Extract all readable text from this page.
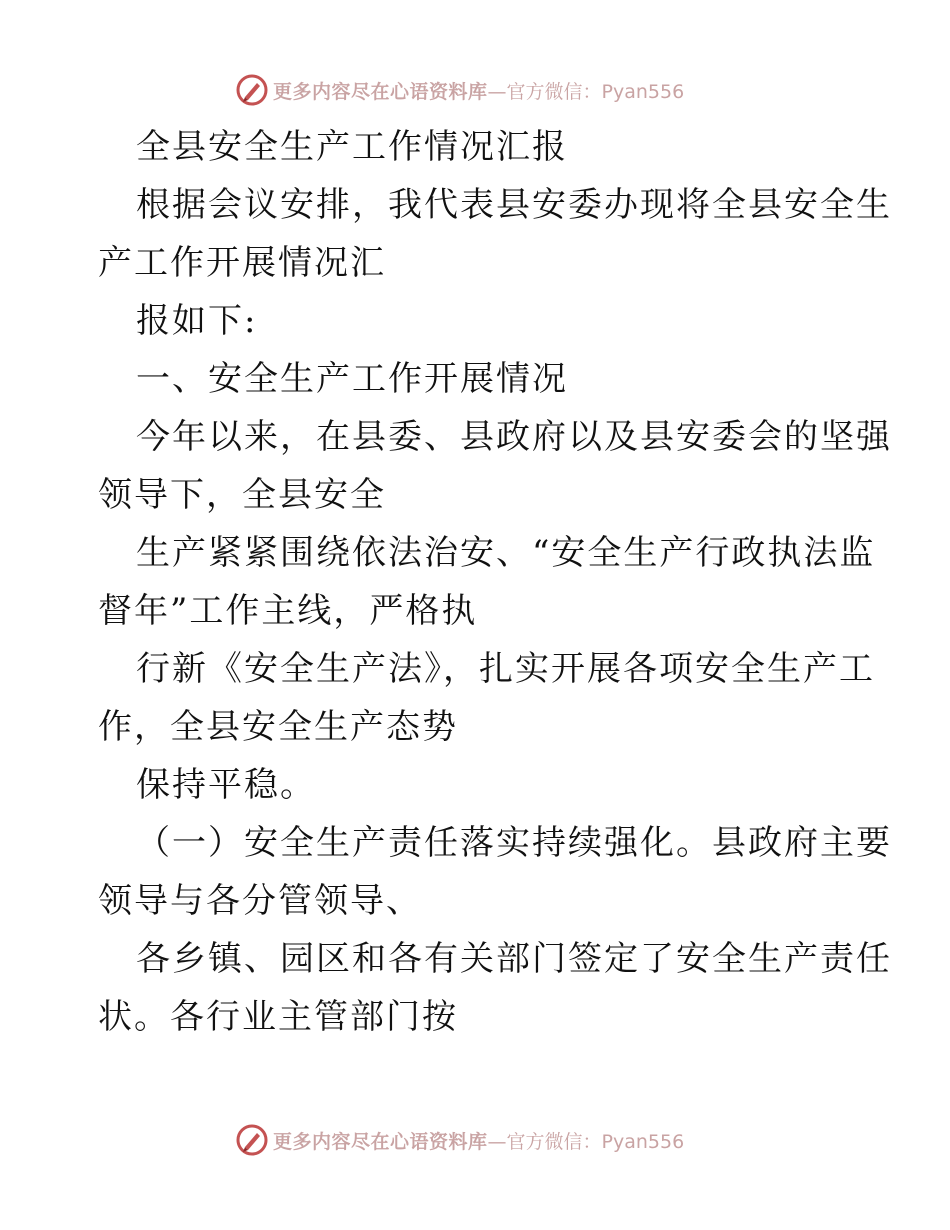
更多内容尽在心语资料库 —官方微信：Pyan556
全县安全生产工作情况汇报
根据会议安排，我代表县安委办现将全县安全生
产工作开展情况汇
报如下:
一、安全生产工作开展情况
今年以来，在县委、县政府以及县安委会的坚强
领导下，全县安全
生产紧紧围绕依法治安、“安全生产行政执法监
督年”工作主线，严格执
行新《安全生产法》，扎实开展各项安全生产工
作，全县安全生产态势
保持平稳。
（一）安全生产责任落实持续强化。县政府主要
领导与各分管领导、
各乡镇、园区和各有关部门签定了安全生产责任
状。各行业主管部门按
更多内容尽在心语资料库 —官方微信：Pyan556
